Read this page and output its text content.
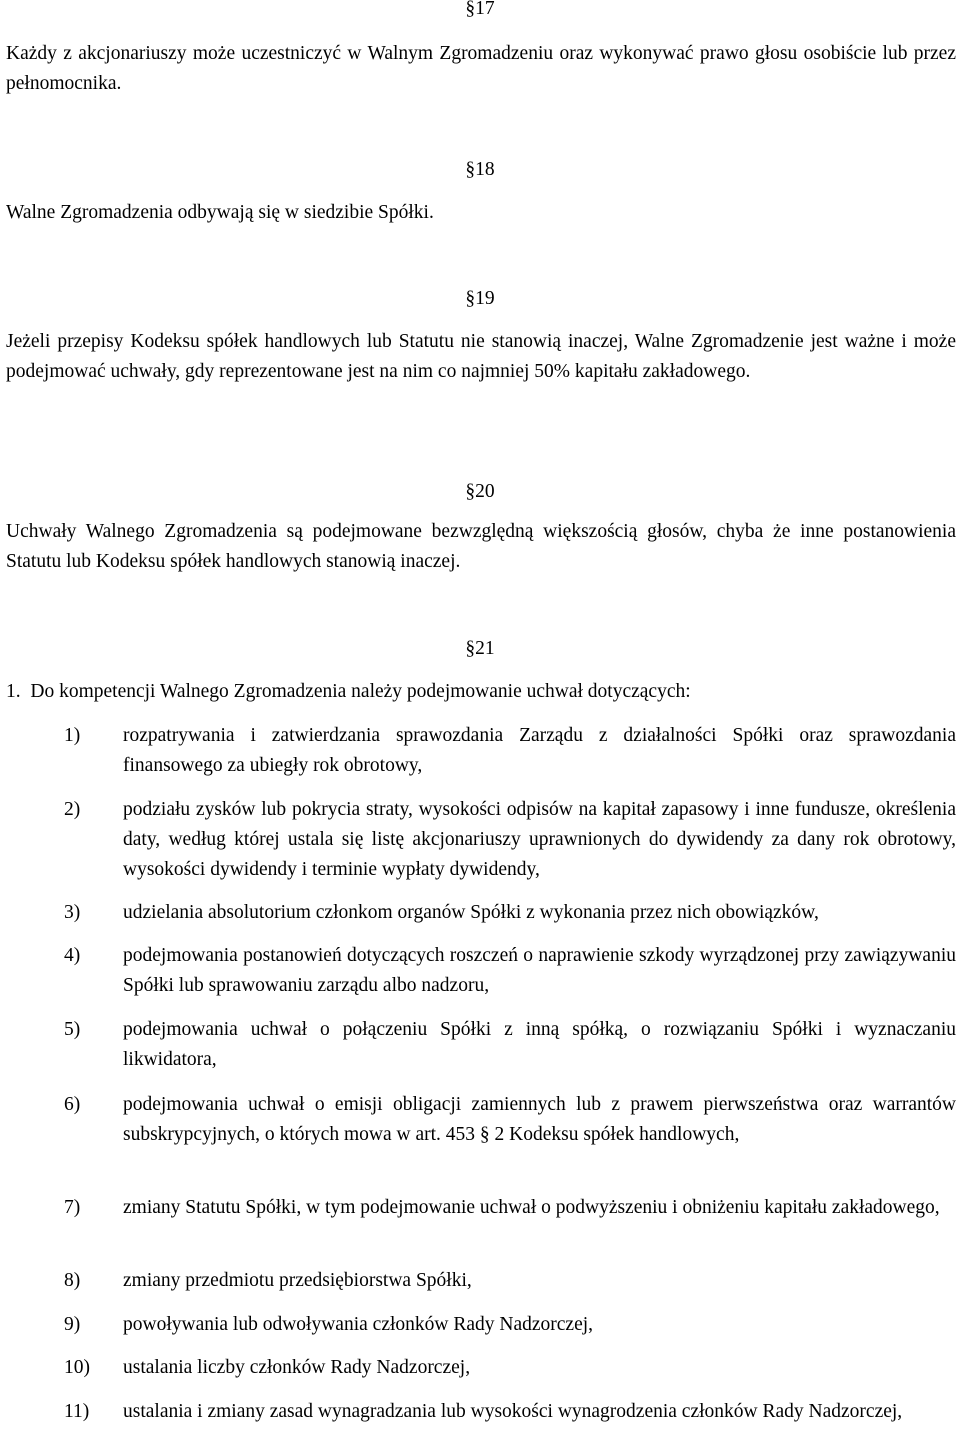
§17
Każdy z akcjonariuszy może uczestniczyć w Walnym Zgromadzeniu oraz wykonywać prawo głosu osobiście lub przez pełnomocnika.
§18
Walne Zgromadzenia odbywają się w siedzibie Spółki.
§19
Jeżeli przepisy Kodeksu spółek handlowych lub Statutu nie stanowią inaczej, Walne Zgromadzenie jest ważne i może podejmować uchwały, gdy reprezentowane jest na nim co najmniej 50% kapitału zakładowego.
§20
Uchwały Walnego Zgromadzenia są podejmowane bezwzględną większością głosów, chyba że inne postanowienia Statutu lub Kodeksu spółek handlowych stanowią inaczej.
§21
1.  Do kompetencji Walnego Zgromadzenia należy podejmowanie uchwał dotyczących:
1) rozpatrywania i zatwierdzania sprawozdania Zarządu z działalności Spółki oraz sprawozdania finansowego za ubiegły rok obrotowy,
2) podziału zysków lub pokrycia straty, wysokości odpisów na kapitał zapasowy i inne fundusze, określenia daty, według której ustala się listę akcjonariuszy uprawnionych do dywidendy za dany rok obrotowy, wysokości dywidendy i terminie wypłaty dywidendy,
3) udzielania absolutorium członkom organów Spółki z wykonania przez nich obowiązków,
4) podejmowania postanowień dotyczących roszczeń o naprawienie szkody wyrządzonej przy zawiązywaniu Spółki lub sprawowaniu zarządu albo nadzoru,
5) podejmowania uchwał o połączeniu Spółki z inną spółką, o rozwiązaniu Spółki i wyznaczaniu likwidatora,
6) podejmowania uchwał o emisji obligacji zamiennych lub z prawem pierwszeństwa oraz warrantów subskrypcyjnych, o których mowa w art. 453 § 2 Kodeksu spółek handlowych,
7) zmiany Statutu Spółki, w tym podejmowanie uchwał o podwyższeniu i obniżeniu kapitału zakładowego,
8) zmiany przedmiotu przedsiębiorstwa Spółki,
9) powoływania lub odwoływania członków Rady Nadzorczej,
10) ustalania liczby członków Rady Nadzorczej,
11) ustalania i zmiany zasad wynagradzania lub wysokości wynagrodzenia członków Rady Nadzorczej,
